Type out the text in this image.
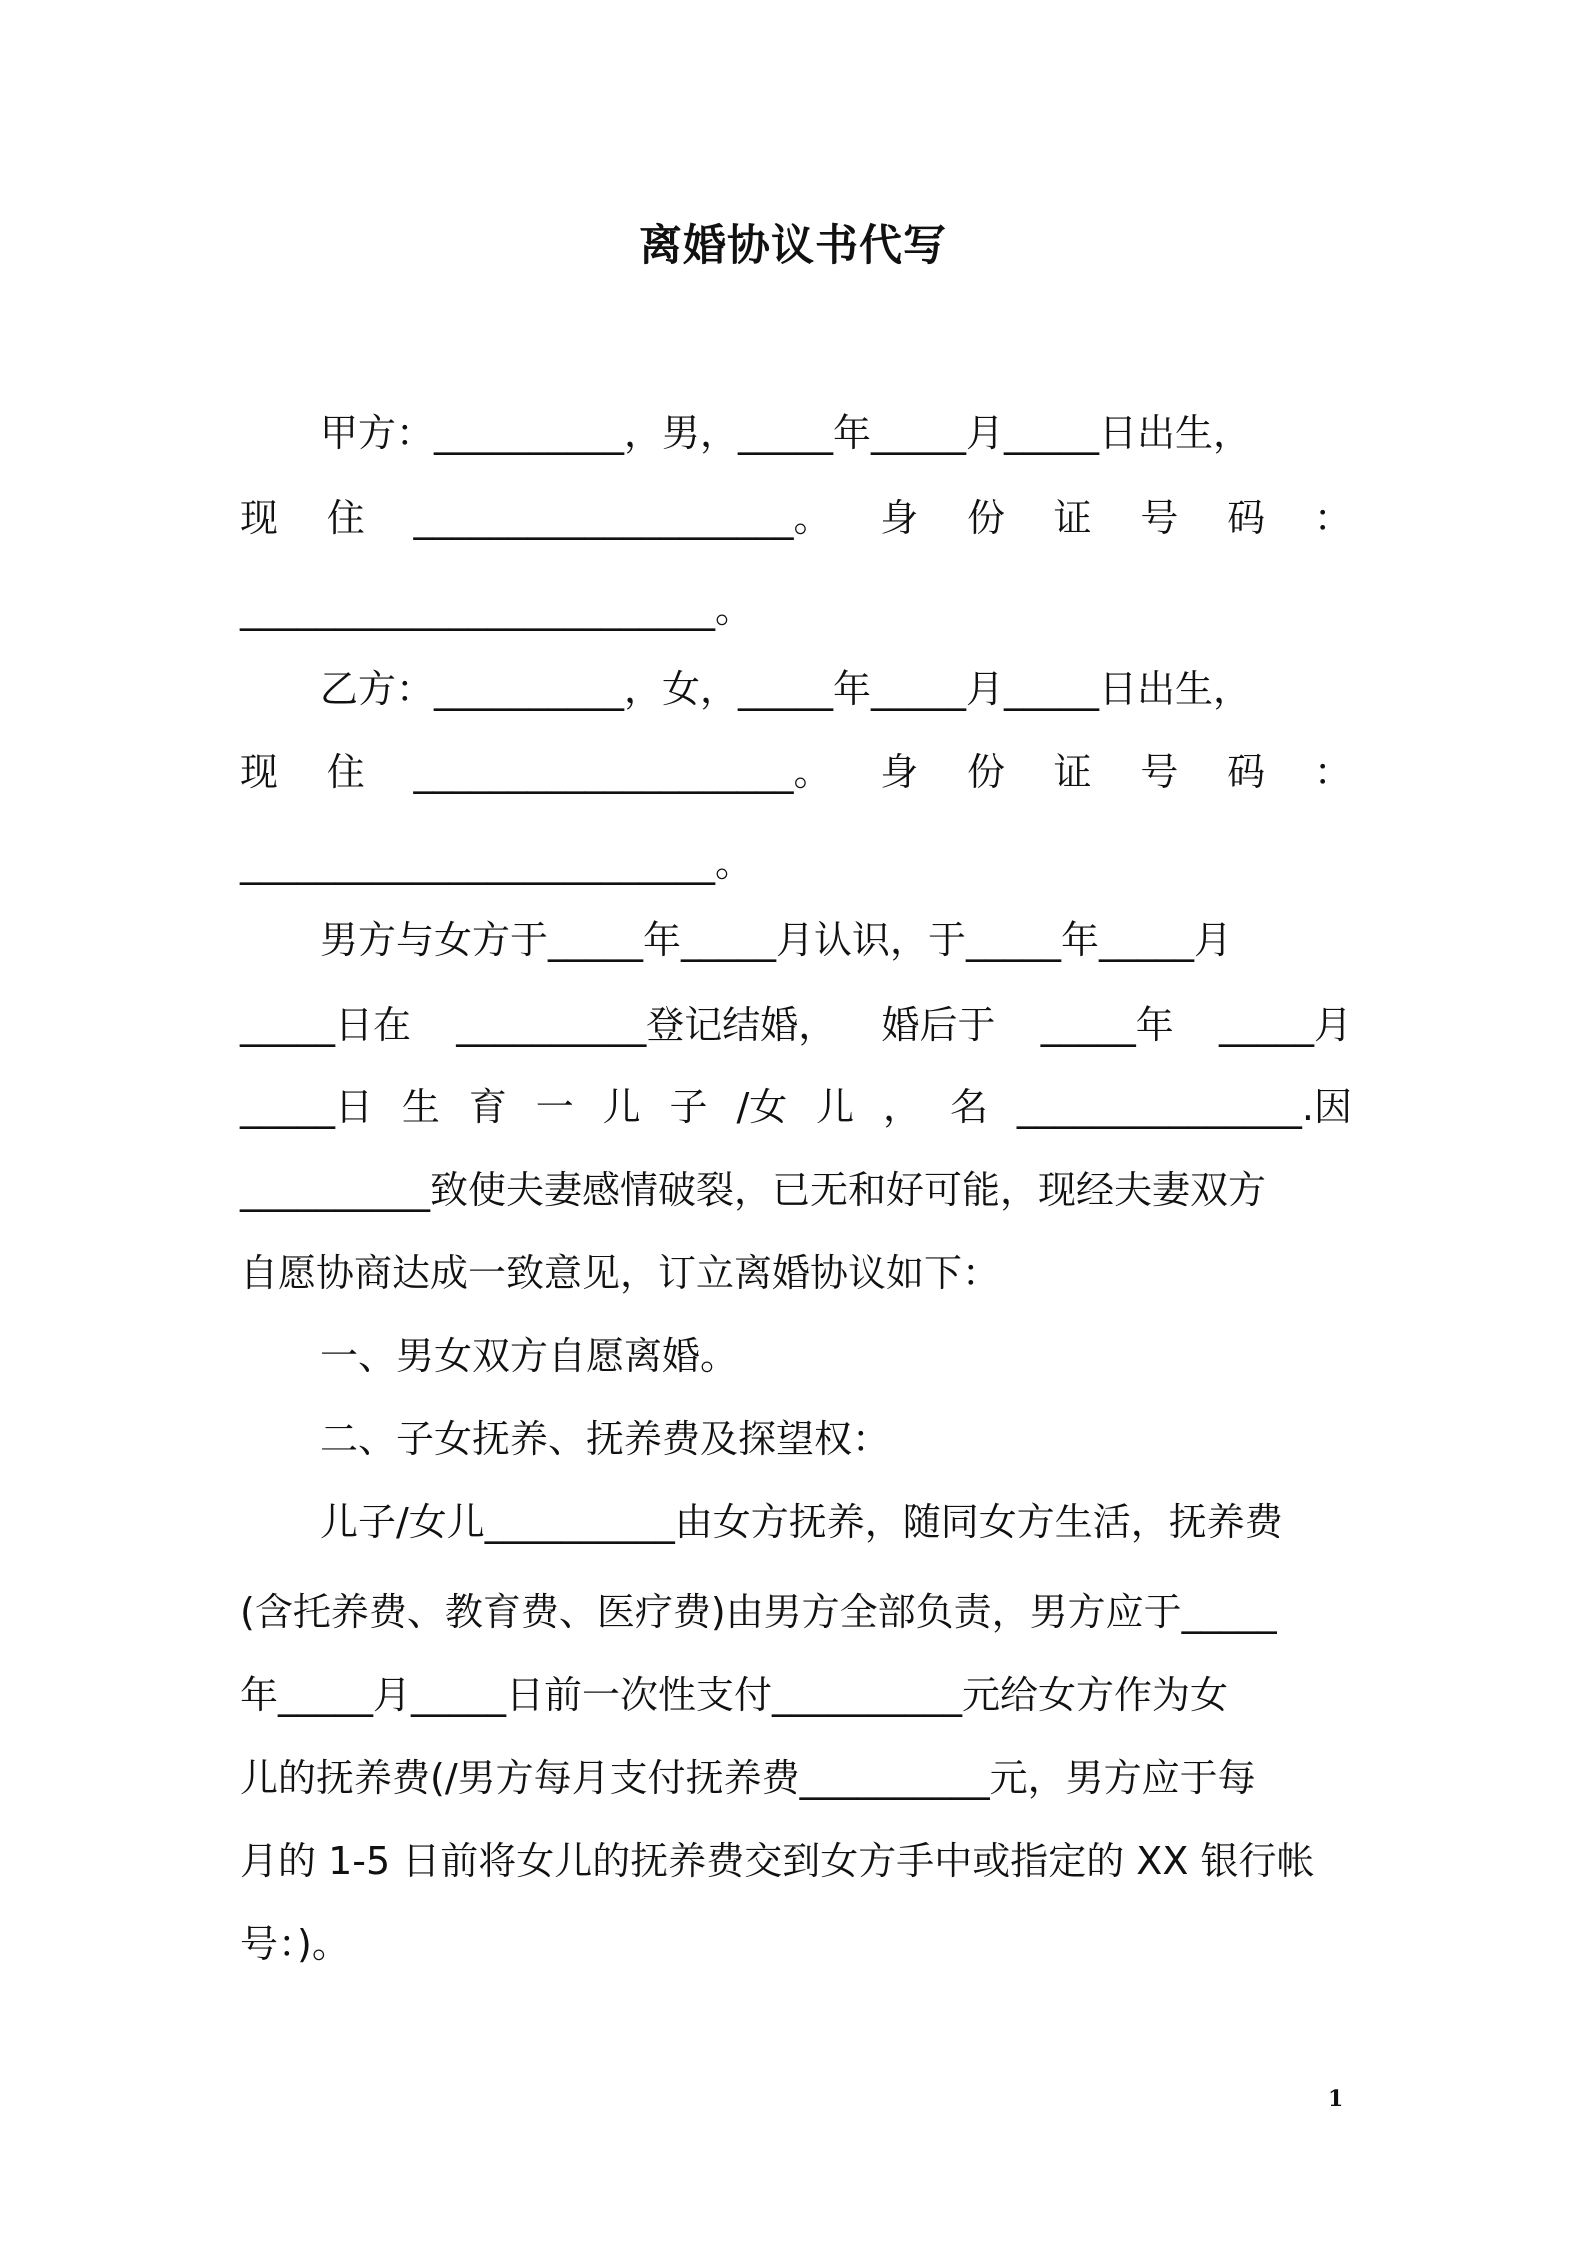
离婚协议书代写
甲方：__________，男，_____年_____月_____日出生，
现 住 ____________________。 身 份 证 号 码 ：
_________________________。
乙方：__________，女，_____年_____月_____日出生，
现 住 ____________________。 身 份 证 号 码 ：
_________________________。
男方与女方于_____年_____月认识，于_____年_____月
_____日在 __________登记结婚， 婚后于 _____年 _____月
_____日 生 育 一 儿 子 /女 儿 ， 名 _______________.因
__________致使夫妻感情破裂，已无和好可能，现经夫妻双方
自愿协商达成一致意见，订立离婚协议如下：
一、男女双方自愿离婚。
二、子女抚养、抚养费及探望权：
儿子/女儿__________由女方抚养，随同女方生活，抚养费
(含托养费、教育费、医疗费)由男方全部负责，男方应于_____
年_____月_____日前一次性支付__________元给女方作为女
儿的抚养费(/男方每月支付抚养费__________元，男方应于每
月的 1-5 日前将女儿的抚养费交到女方手中或指定的 XX 银行帐
号：)。
1
